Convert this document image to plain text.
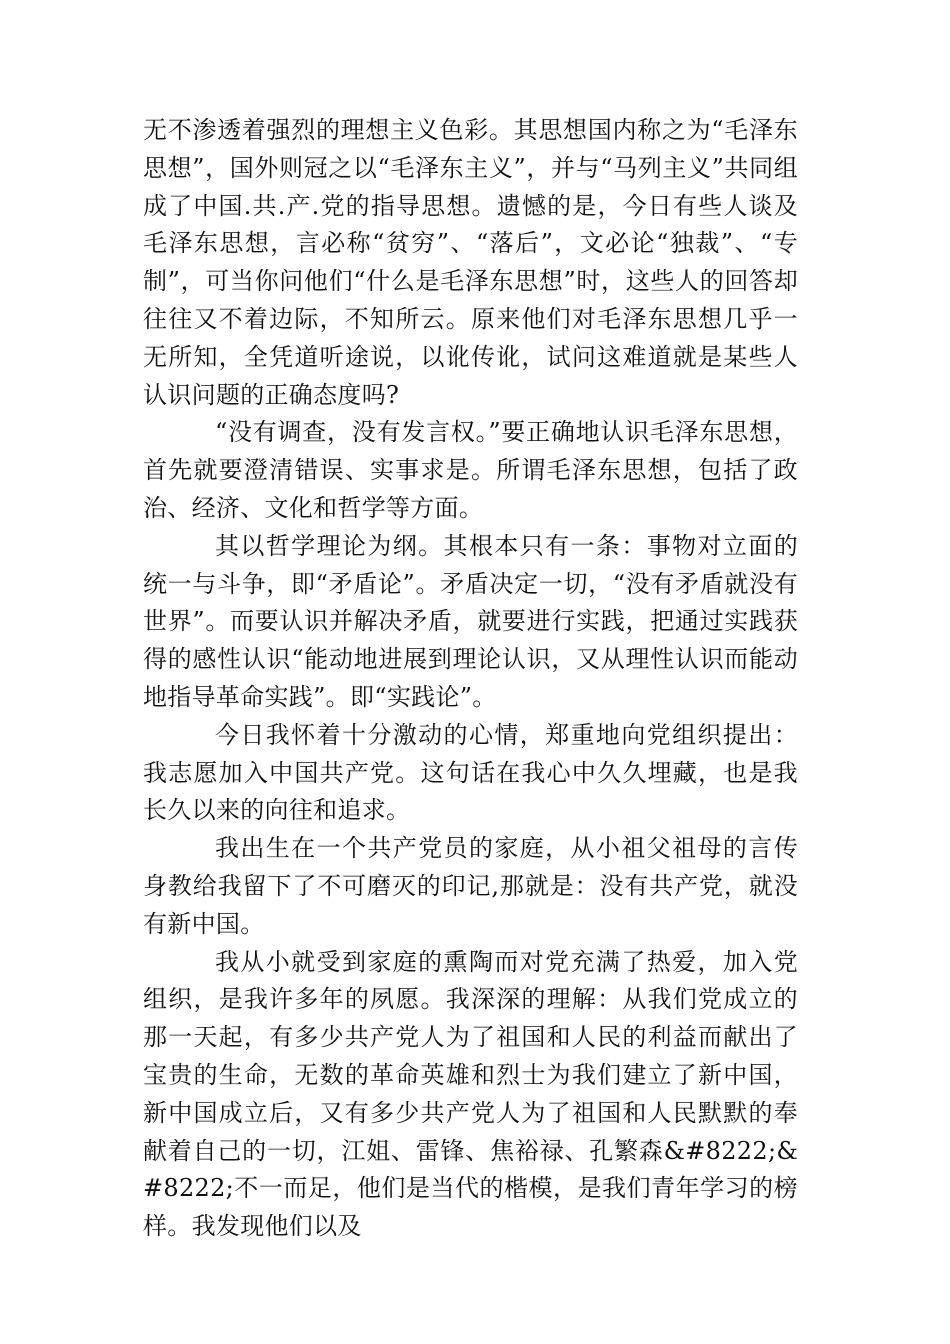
无不渗透着强烈的理想主义色彩。其思想国内称之为“毛泽东思想”，国外则冠之以“毛泽东主义”，并与“马列主义”共同组成了中国.共.产.党的指导思想。遗憾的是，今日有些人谈及毛泽东思想，言必称“贫穷”、“落后”，文必论“独裁”、“专制”，可当你问他们“什么是毛泽东思想”时，这些人的回答却往往又不着边际，不知所云。原来他们对毛泽东思想几乎一无所知，全凭道听途说，以讹传讹，试问这难道就是某些人认识问题的正确态度吗?

“没有调查，没有发言权。”要正确地认识毛泽东思想，首先就要澄清错误、实事求是。所谓毛泽东思想，包括了政治、经济、文化和哲学等方面。

其以哲学理论为纲。其根本只有一条：事物对立面的统一与斗争，即“矛盾论”。矛盾决定一切，“没有矛盾就没有世界”。而要认识并解决矛盾，就要进行实践，把通过实践获得的感性认识“能动地进展到理论认识，又从理性认识而能动地指导革命实践”。即“实践论”。

今日我怀着十分激动的心情，郑重地向党组织提出：我志愿加入中国共产党。这句话在我心中久久埋藏，也是我长久以来的向往和追求。

我出生在一个共产党员的家庭，从小祖父祖母的言传身教给我留下了不可磨灭的印记,那就是：没有共产党，就没有新中国。

我从小就受到家庭的熏陶而对党充满了热爱，加入党组织，是我许多年的夙愿。我深深的理解：从我们党成立的那一天起，有多少共产党人为了祖国和人民的利益而献出了宝贵的生命，无数的革命英雄和烈士为我们建立了新中国，新中国成立后，又有多少共产党人为了祖国和人民默默的奉献着自己的一切，江姐、雷锋、焦裕禄、孔繁森&#8222;&#8222;不一而足，他们是当代的楷模，是我们青年学习的榜样。我发现他们以及
